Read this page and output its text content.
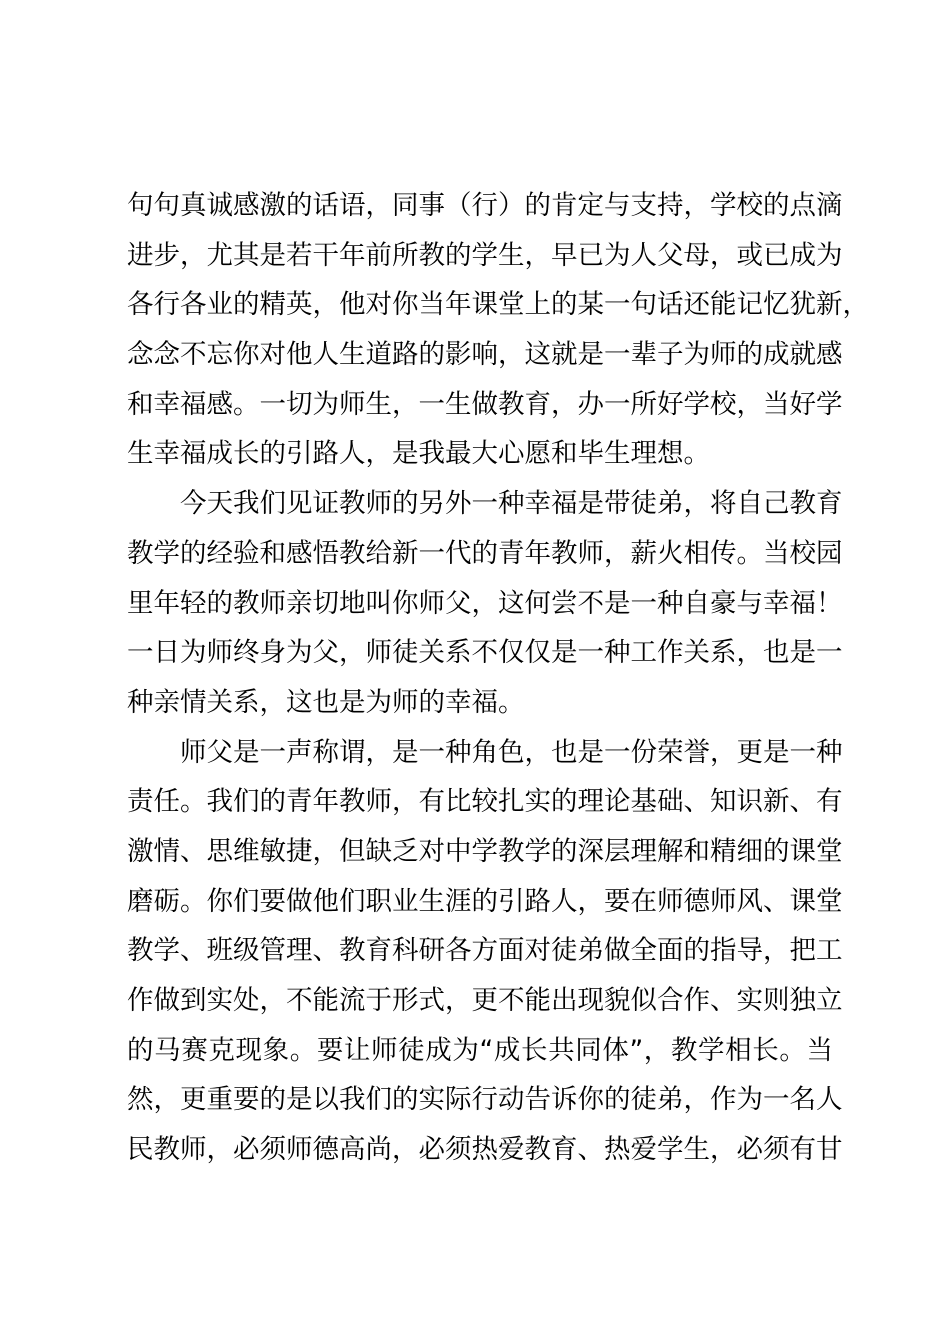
句句真诚感激的话语，同事（行）的肯定与支持，学校的点滴
进步，尤其是若干年前所教的学生，早已为人父母，或已成为
各行各业的精英，他对你当年课堂上的某一句话还能记忆犹新，
念念不忘你对他人生道路的影响，这就是一辈子为师的成就感
和幸福感。一切为师生，一生做教育，办一所好学校，当好学
生幸福成长的引路人，是我最大心愿和毕生理想。
今天我们见证教师的另外一种幸福是带徒弟，将自己教育
教学的经验和感悟教给新一代的青年教师，薪火相传。当校园
里年轻的教师亲切地叫你师父，这何尝不是一种自豪与幸福！
一日为师终身为父，师徒关系不仅仅是一种工作关系，也是一
种亲情关系，这也是为师的幸福。
师父是一声称谓，是一种角色，也是一份荣誉，更是一种
责任。我们的青年教师，有比较扎实的理论基础、知识新、有
激情、思维敏捷，但缺乏对中学教学的深层理解和精细的课堂
磨砺。你们要做他们职业生涯的引路人，要在师德师风、课堂
教学、班级管理、教育科研各方面对徒弟做全面的指导，把工
作做到实处，不能流于形式，更不能出现貌似合作、实则独立
的马赛克现象。要让师徒成为“成长共同体”，教学相长。当
然，更重要的是以我们的实际行动告诉你的徒弟，作为一名人
民教师，必须师德高尚，必须热爱教育、热爱学生，必须有甘
